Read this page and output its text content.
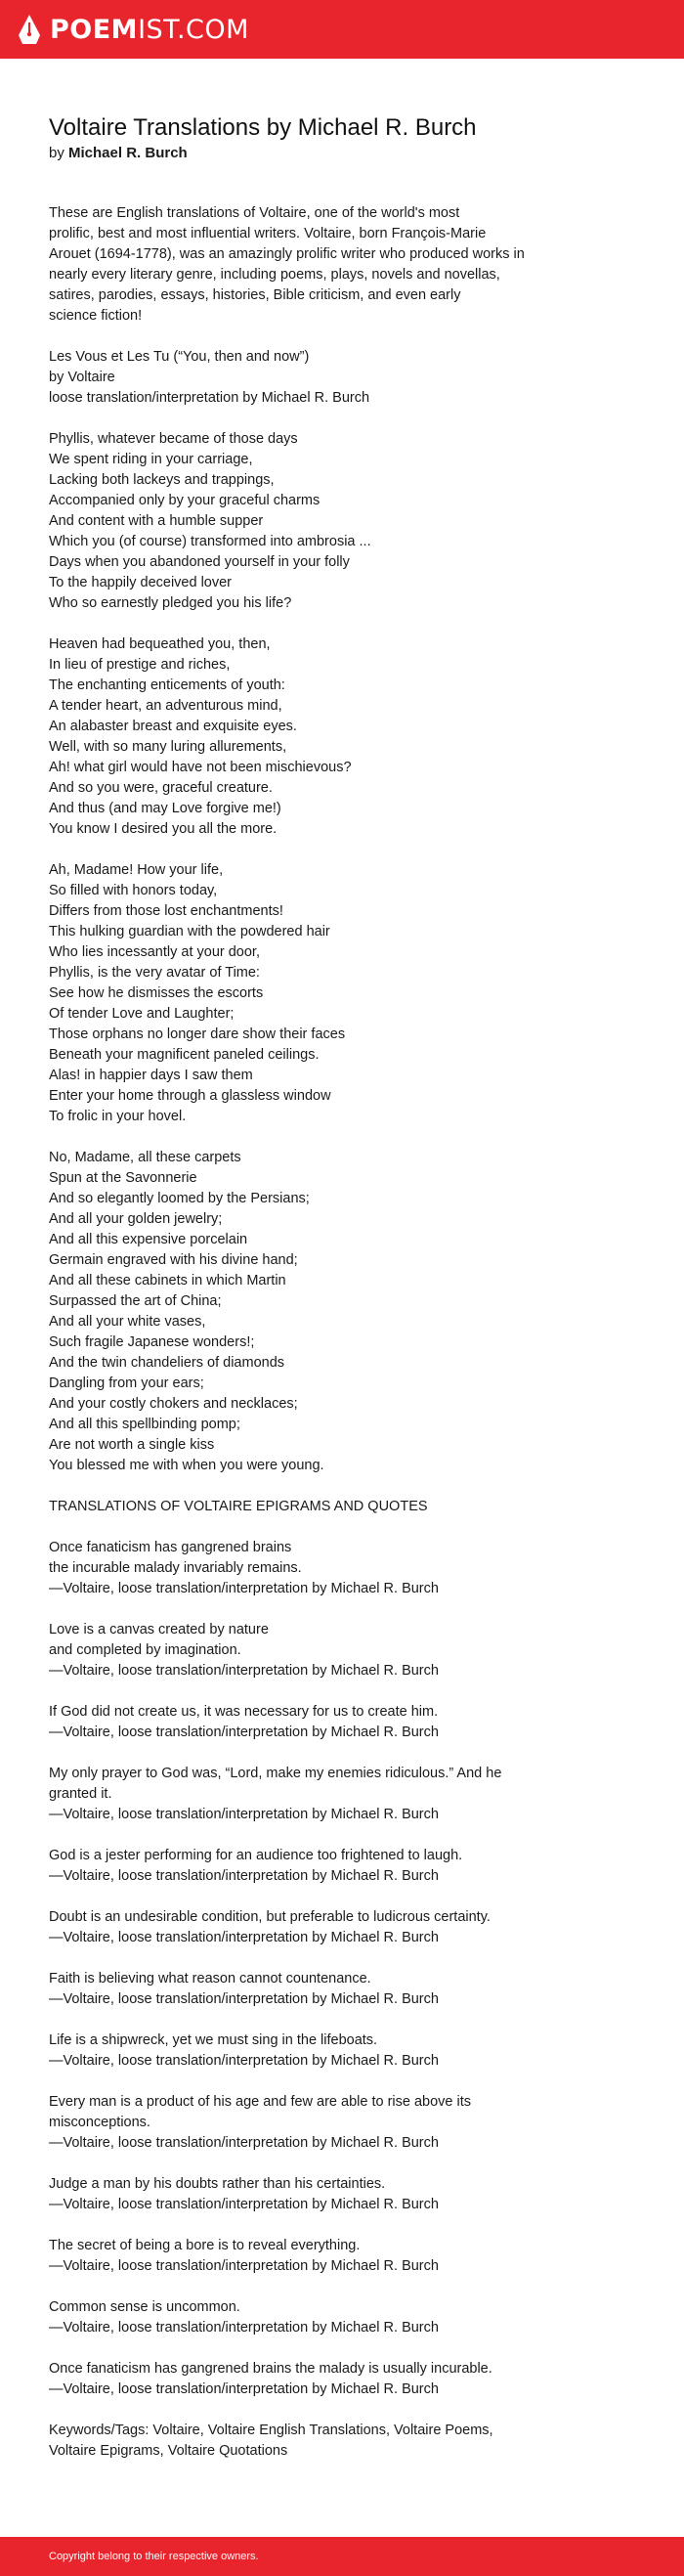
POEMIST.COM
Voltaire Translations by Michael R. Burch
by Michael R. Burch
These are English translations of Voltaire, one of the world's most
prolific, best and most influential writers. Voltaire, born François-Marie
Arouet (1694-1778), was an amazingly prolific writer who produced works in
nearly every literary genre, including poems, plays, novels and novellas,
satires, parodies, essays, histories, Bible criticism, and even early
science fiction!

Les Vous et Les Tu (“You, then and now”)
by Voltaire
loose translation/interpretation by Michael R. Burch

Phyllis, whatever became of those days
We spent riding in your carriage,
Lacking both lackeys and trappings,
Accompanied only by your graceful charms
And content with a humble supper
Which you (of course) transformed into ambrosia ...
Days when you abandoned yourself in your folly
To the happily deceived lover
Who so earnestly pledged you his life?

Heaven had bequeathed you, then,
In lieu of prestige and riches,
The enchanting enticements of youth:
A tender heart, an adventurous mind,
An alabaster breast and exquisite eyes.
Well, with so many luring allurements,
Ah! what girl would have not been mischievous?
And so you were, graceful creature.
And thus (and may Love forgive me!)
You know I desired you all the more.

Ah, Madame! How your life,
So filled with honors today,
Differs from those lost enchantments!
This hulking guardian with the powdered hair
Who lies incessantly at your door,
Phyllis, is the very avatar of Time:
See how he dismisses the escorts
Of tender Love and Laughter;
Those orphans no longer dare show their faces
Beneath your magnificent paneled ceilings.
Alas! in happier days I saw them
Enter your home through a glassless window
To frolic in your hovel.

No, Madame, all these carpets
Spun at the Savonnerie
And so elegantly loomed by the Persians;
And all your golden jewelry;
And all this expensive porcelain
Germain engraved with his divine hand;
And all these cabinets in which Martin
Surpassed the art of China;
And all your white vases,
Such fragile Japanese wonders!;
And the twin chandeliers of diamonds
Dangling from your ears;
And your costly chokers and necklaces;
And all this spellbinding pomp;
Are not worth a single kiss
You blessed me with when you were young.

TRANSLATIONS OF VOLTAIRE EPIGRAMS AND QUOTES

Once fanaticism has gangrened brains
the incurable malady invariably remains.
—Voltaire, loose translation/interpretation by Michael R. Burch

Love is a canvas created by nature
and completed by imagination.
—Voltaire, loose translation/interpretation by Michael R. Burch

If God did not create us, it was necessary for us to create him.
—Voltaire, loose translation/interpretation by Michael R. Burch

My only prayer to God was, “Lord, make my enemies ridiculous.” And he
granted it.
—Voltaire, loose translation/interpretation by Michael R. Burch

God is a jester performing for an audience too frightened to laugh.
—Voltaire, loose translation/interpretation by Michael R. Burch

Doubt is an undesirable condition, but preferable to ludicrous certainty.
—Voltaire, loose translation/interpretation by Michael R. Burch

Faith is believing what reason cannot countenance.
—Voltaire, loose translation/interpretation by Michael R. Burch

Life is a shipwreck, yet we must sing in the lifeboats.
—Voltaire, loose translation/interpretation by Michael R. Burch

Every man is a product of his age and few are able to rise above its
misconceptions.
—Voltaire, loose translation/interpretation by Michael R. Burch

Judge a man by his doubts rather than his certainties.
—Voltaire, loose translation/interpretation by Michael R. Burch

The secret of being a bore is to reveal everything.
—Voltaire, loose translation/interpretation by Michael R. Burch

Common sense is uncommon.
—Voltaire, loose translation/interpretation by Michael R. Burch

Once fanaticism has gangrened brains the malady is usually incurable.
—Voltaire, loose translation/interpretation by Michael R. Burch

Keywords/Tags: Voltaire, Voltaire English Translations, Voltaire Poems,
Voltaire Epigrams, Voltaire Quotations
Copyright belong to their respective owners.
